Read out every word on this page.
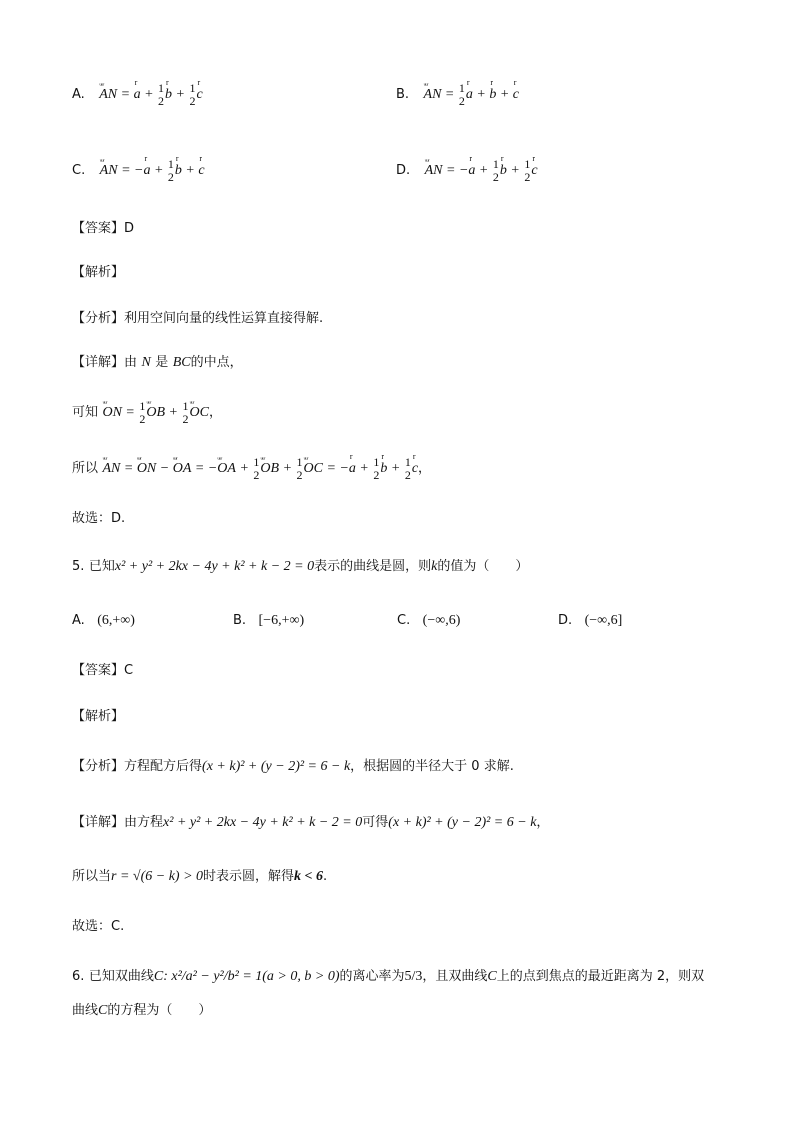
A. ᵤᵤᵣ AN = r a + 1
2 r b + 1
2 r c	B. ᵤᵤᵣ AN = 1
2 r a + r b + r c
C. ᵤᵤᵣ AN = −r a + 1
2 r b + r c	D. ᵤᵤᵣ AN = −r a + 1
2 r b + 1
2 r c
【答案】D
【解析】
【分析】利用空间向量的线性运算直接得解.
【详解】由 N 是 BC的中点，
可知 ᵤᵤᵣ ON = 1
2 ᵤᵤᵣ OB + 1
2 ᵤᵤᵣ OC，
所以 ᵤᵤᵣ AN = ᵤᵤᵣ ON − ᵤᵤᵣ OA = −ᵤᵤᵣ OA + 1
2 ᵤᵤᵣ OB + 1
2 ᵤᵤᵣ OC = −r a + 1
2 r b + 1
2 r c，
故选：D.
5. 已知x² + y² + 2kx − 4y + k² + k − 2 = 0表示的曲线是圆，则k的值为（　　）
A. (6,+∞)	B. [−6,+∞)	C. (−∞,6)	D. (−∞,6]
【答案】C
【解析】
【分析】方程配方后得(x + k)² + (y − 2)² = 6 − k，根据圆的半径大于 0 求解.
【详解】由方程x² + y² + 2kx − 4y + k² + k − 2 = 0可得(x + k)² + (y − 2)² = 6 − k，
所以当r = √(6 − k) > 0时表示圆，解得k < 6.
故选：C.
6. 已知双曲线C: x²/a² − y²/b² = 1(a > 0, b > 0)的离心率为5/3，且双曲线C上的点到焦点的最近距离为 2，则双
曲线C的方程为（　　）
